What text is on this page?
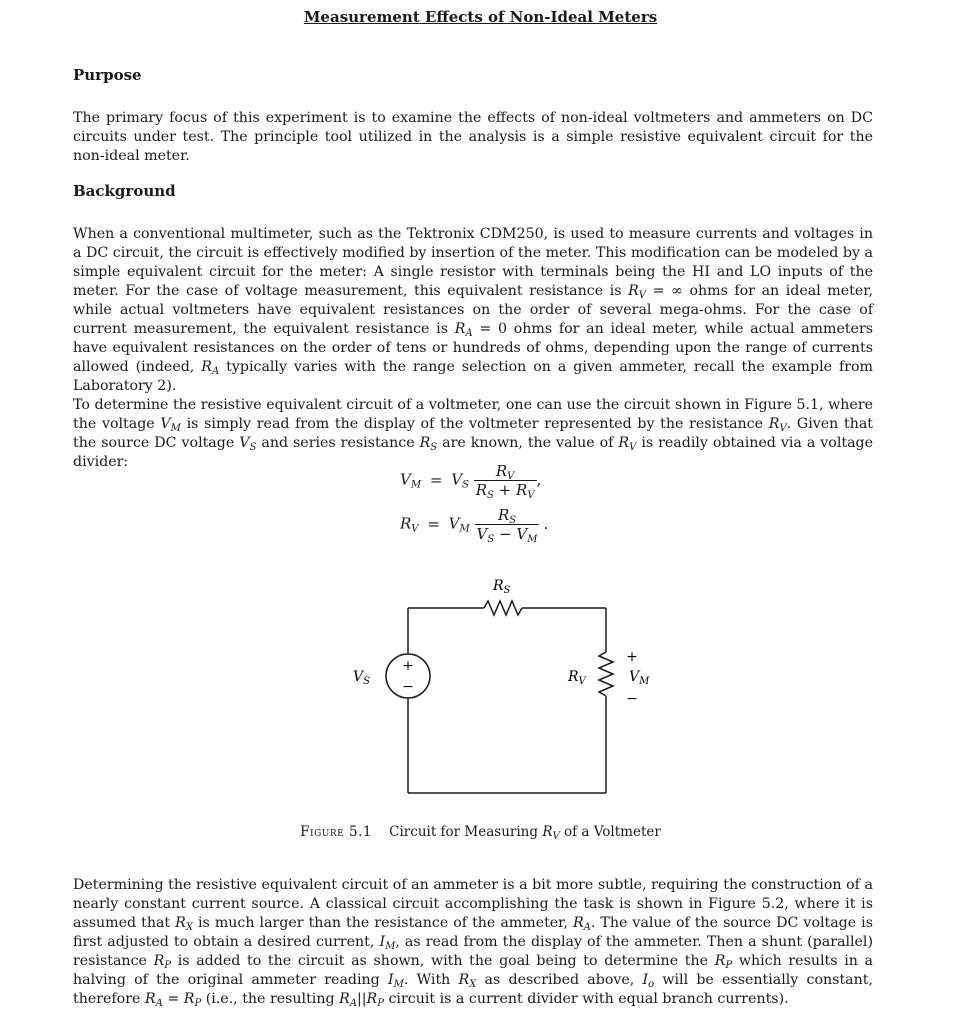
Measurement Effects of Non-Ideal Meters
Purpose

The primary focus of this experiment is to examine the effects of non-ideal voltmeters and ammeters on DC circuits under test. The principle tool utilized in the analysis is a simple resistive equivalent circuit for the non-ideal meter.

Background

When a conventional multimeter, such as the Tektronix CDM250, is used to measure currents and voltages in a DC circuit, the circuit is effectively modified by insertion of the meter. This modification can be modeled by a simple equivalent circuit for the meter: A single resistor with terminals being the HI and LO inputs of the meter. For the case of voltage measurement, this equivalent resistance is $R_V$ = ∞ ohms for an ideal meter, while actual voltmeters have equivalent resistances on the order of several mega-ohms. For the case of current measurement, the equivalent resistance is $R_A = 0$ ohms for an ideal meter, while actual ammeters have equivalent resistances on the order of tens or hundreds of ohms, depending upon the range of currents allowed (indeed, $R_A$ typically varies with the range selection on a given ammeter, recall the example from Laboratory 2).

To determine the resistive equivalent circuit of a voltmeter, one can use the circuit shown in Figure 5.1, where the voltage $V_M$ is simply read from the display of the voltmeter represented by the resistance $R_V$. Given that the source DC voltage $V_S$ and series resistance $R_S$ are known, the value of $R_V$ is readily obtained via a voltage divider:

$V_M = V_S \frac{R_V}{R_S + R_V}$ ,
$R_V = V_M \frac{R_S}{V_S - V_M}$ .
+
−
$R_S$
$V_S$	$R_V$
+
$V_M$
−
Figure 5.1 Circuit for Measuring $R_V$ of a Voltmeter

Determining the resistive equivalent circuit of an ammeter is a bit more subtle, requiring the construction of a nearly constant current source. A classical circuit accomplishing the task is shown in Figure 5.2, where it is assumed that $R_X$ is much larger than the resistance of the ammeter, $R_A$. The value of the source DC voltage is first adjusted to obtain a desired current, $I_M$, as read from the display of the ammeter. Then a shunt (parallel) resistance $R_P$ is added to the circuit as shown, with the goal being to determine the $R_P$ which results in a halving of the original ammeter reading $I_M$. With $R_X$ as described above, $I_o$ will be essentially constant, therefore $R_A = R_P$ (i.e., the resulting $R_A||R_P$ circuit is a current divider with equal branch currents).
